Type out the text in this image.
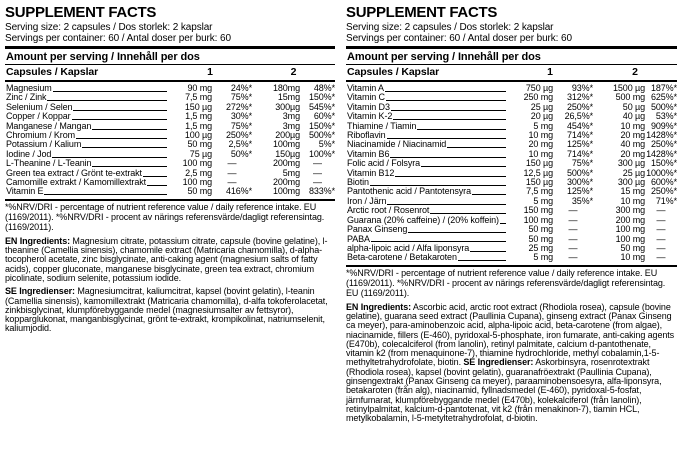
SUPPLEMENT FACTS
Serving size: 2 capsules / Dos storlek: 2 kapslar
Servings per container: 60 / Antal doser per burk: 60
Amount per serving / Innehåll per dos
Capsules / Kapslar	1	2
Magnesium	90 mg	24%*	180mg	48%*
Zinc / Zink	7,5 mg	75%*	15mg 150%*
Selenium / Selen	150 µg	272%*	300µg 545%*
Copper / Koppar	1,5 mg	30%*	3mg	60%*
Manganese / Mangan	1,5 mg	75%*	3mg 150%*
Chromium / Krom	100 µg	250%*	200µg 500%*
Potassium / Kalium	50 mg	2,5%*	100mg	5%*
Iodine / Jod	75 µg	50%*	150µg 100%*
L-Theanine / L-Teanin	100 mg	—	200mg	—
Green tea extract / Grönt te-extrakt	2,5 mg	—	5mg	—
Camomille extrakt / Kamomillextrakt	100 mg	—	200mg	—
Vitamin E	50 mg	416%*	100mg 833%*

*%NRV/DRI - percentage of nutrient reference value / daily reference intake. EU (1169/2011). *%NRV/DRI - procent av närings referensvärde/dagligt referensintag. (1169/2011).

EN Ingredients: Magnesium citrate, potassium citrate, capsule (bovine gelatine), l-theanine (Camellia sinensis), chamomile extract (Matricaria chamomilla), d-alpha-tocopherol acetate, zinc bisglycinate, anti-caking agent (magnesium salts of fatty acids), copper gluconate, manganese bisglycinate, green tea extract, chromium picolinate, sodium selenite, potassium iodide.

SE Ingredienser: Magnesiumcitrat, kaliumcitrat, kapsel (bovint gelatin), l-teanin (Camellia sinensis), kamomillextrakt (Matricaria chamomilla), d-alfa tokoferolacetat, zinkbisglycinat, klumpförebyggande medel (magnesiumsalter av fettsyror), kopparglukonat, manganbisglycinat, grönt te-extrakt, krompikolinat, natriumselenit, kaliumjodid.

SUPPLEMENT FACTS
Serving size: 2 capsules / Dos storlek: 2 kapslar
Servings per container: 60 / Antal doser per burk: 60
Amount per serving / Innehåll per dos
Capsules / Kapslar	1	2
Vitamin A	750 µg	93%*	1500 µg 187%*
Vitamin C	250 mg	312%*	500 mg 625%*
Vitamin D3	25 µg	250%*	50 µg 500%*
Vitamin K-2	20 µg	26,5%*	40 µg	53%*
Thiamine / Tiamin	5 mg	454%*	10 mg 909%*
Riboflavin	10 mg	714%*	20 mg 1428%*
Niacinamide / Niacinamid	20 mg	125%*	40 mg 250%*
Vitamin B6	10 mg	714%*	20 mg 1428%*
Folic acid / Folsyra	150 µg	75%*	300 µg 150%*
Vitamin B12	12,5 µg	500%*	25 µg 1000%*
Biotin	150 µg	300%*	300 µg 600%*
Pantothenic acid / Pantotensyra	7,5 mg	125%*	15 mg 250%*
Iron / Järn	5 mg	35%*	10 mg	71%*
Arctic root / Rosenrot	150 mg	—	300 mg	—
Guarana (20% caffeine) / (20% koffein)	100 mg	—	200 mg	—
Panax Ginseng	50 mg	—	100 mg	—
PABA	50 mg	—	100 mg	—
alpha-lipoic acid / Alfa liponsyra	25 mg	—	50 mg	—
Beta-carotene / Betakaroten	5 mg	—	10 mg	—

*%NRV/DRI - percentage of nutrient reference value / daily reference intake. EU (1169/2011). *%NRV/DRI - procent av närings referensvärde/dagligt referensintag. EU (1169/2011).

EN Ingredients: Ascorbic acid, arctic root extract (Rhodiola rosea), capsule (bovine gelatine), guarana seed extract (Paullinia Cupana), ginseng extract (Panax Ginseng ca meyer), para-aminobenzoic acid, alpha-lipoic acid, beta-carotene (from algae), niacinamide, fillers (E-460), pyridoxal-5-phosphate, iron fumarate, anti-caking agents (E470b), colecalciferol (from lanolin), retinyl palmitate, calcium d-pantothenate, vitamin k2 (from menaquinone-7), thiamine hydrochloride, methyl cobalamin,1-5-methyltetrahydrofolate, biotin. SE Ingredienser: Askorbinsyra, rosenrotextrakt (Rhodiola rosea), kapsel (bovint gelatin), guaranafröextrakt (Paullinia Cupana), ginsengextrakt (Panax Ginseng ca meyer), paraaminobensoesyra, alfa-liponsyra, betakaroten (från alg), niacinamid, fyllnadsmedel (E-460), pyridoxal-5-fosfat, järnfumarat, klumpförebyggande medel (E470b), kolekalciferol (från lanolin), retinylpalmitat, kalcium-d-pantotenat, vit k2 (från menakinon-7), tiamin HCL, metylkobalamin, l-5-metyltetrahydrofolat, d-biotin.
